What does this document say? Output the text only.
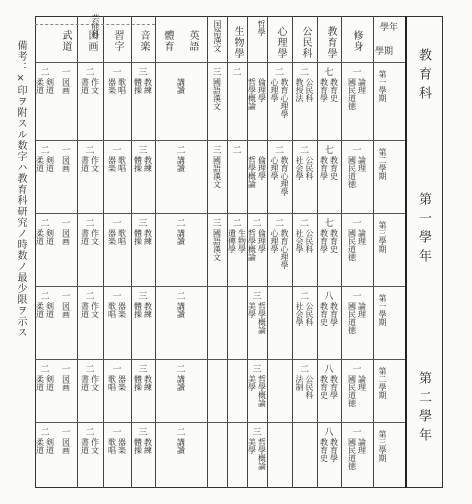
備考：×印ヲ附スル数字ハ教育科研究ノ時数ノ最少限ヲ示ス	教育科
第一學年
第二學年
學年
學期
芸能科
修身
教育學
公民科
心理學
哲學
生物學
国語漢文
英語
體育
音楽
習字
図画
武道
第一學期
第二學期
第三學期
第一學期
第二學期
第三學期
一
論理
國民道徳
七
教育史
教育學
二
公民科
教授法
二
教育心理學
心理學
倫理學
哲學概論
二
三
國語漢文
講讀
三
教練
體操
一
歌唱
器楽
二
作文
書道
一
図画
二
剣道
柔道
一
論理
國民道徳
七
教育史
教育學
二
公民科
社会學
二
教育心理學
心理學
倫理學
哲學概論
二
三
國語漢文
二
講讀
三
教練
體操
一
歌唱
器楽
二
作文
書道
一
図画
二
剣道
柔道
一
論理
國民道徳
七
教育史
教育學
二
公民科
社会學
二
教育心理學
心理學
二
倫理學
哲學概論
二
生物學
遺傳學
三
國語漢文
二
講讀
三
教練
體操
一
歌唱
器楽
二
作文
書道
一
図画
二
剣道
柔道
一
論理
國民道徳
八
教育學
教育史
二
公民科
社会學
三
哲學概論
美學
二
講讀
三
教練
體操
一
器楽
歌唱
二
作文
書道
一
図画
二
剣道
柔道
一
論理
國民道徳
八
教育學
教育史
二
公民科
法制
三
哲學概論
美學
二
講讀
三
教練
體操
一
器楽
歌唱
二
作文
書道
一
図画
二
剣道
柔道
一
論理
國民道徳
八
教育學
教育史
三
哲學概論
美學
二
講讀
三
教練
體操
一
器楽
歌唱
二
作文
書道
一
図画
二
剣道
柔道
